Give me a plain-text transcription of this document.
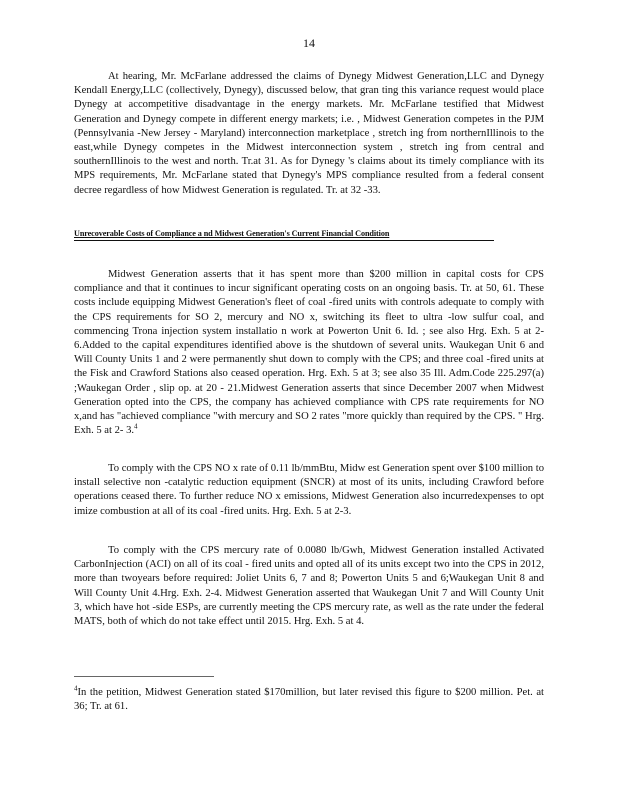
14

At hearing, Mr. McFarlane addressed the claims of Dynegy Midwest Generation,LLC and Dynegy Kendall Energy,LLC (collectively, Dynegy), discussed below, that gran ting this variance request would place Dynegy at accompetitive disadvantage in the energy markets. Mr. McFarlane testified that Midwest Generation and Dynegy compete in different energy markets; i.e. , Midwest Generation competes in the PJM (Pennsylvania -New Jersey - Maryland) interconnection marketplace , stretch ing from northernIllinois to the east,while Dynegy competes in the Midwest interconnection system , stretch ing from central and southernIllinois to the west and north. Tr.at 31. As for Dynegy 's claims about its timely compliance with its MPS requirements, Mr. McFarlane stated that Dynegy's MPS compliance resulted from a federal consent decree regardless of how Midwest Generation is regulated. Tr. at 32 -33.

Unrecoverable Costs of Compliance a nd Midwest Generation's Current Financial Condition

Midwest Generation asserts that it has spent more than $200 million in capital costs for CPS compliance and that it continues to incur significant operating costs on an ongoing basis. Tr. at 50, 61. These costs include equipping Midwest Generation's fleet of coal -fired units with controls adequate to comply with the CPS requirements for SO 2, mercury and NO x, switching its fleet to ultra -low sulfur coal, and commencing Trona injection system installatio n work at Powerton Unit 6. Id. ; see also Hrg. Exh. 5 at 2-6.Added to the capital expenditures identified above is the shutdown of several units. Waukegan Unit 6 and Will County Units 1 and 2 were permanently shut down to comply with the CPS; and three coal -fired units at the Fisk and Crawford Stations also ceased operation. Hrg. Exh. 5 at 3; see also 35 Ill. Adm.Code 225.297(a) ;Waukegan Order , slip op. at 20 - 21.Midwest Generation asserts that since December 2007 when Midwest Generation opted into the CPS, the company has achieved compliance with CPS rate requirements for NO x,and has "achieved compliance "with mercury and SO 2 rates "more quickly than required by the CPS. " Hrg. Exh. 5 at 2- 3.$^4$

To comply with the CPS NO x rate of 0.11 lb/mmBtu, Midw est Generation spent over $100 million to install selective non -catalytic reduction equipment (SNCR) at most of its units, including Crawford before operations ceased there. To further reduce NO x emissions, Midwest Generation also incurredexpenses to opt imize combustion at all of its coal -fired units. Hrg. Exh. 5 at 2-3.

To comply with the CPS mercury rate of 0.0080 lb/Gwh, Midwest Generation installed Activated CarbonInjection (ACI) on all of its coal - fired units and opted all of its units except two into the CPS in 2012, more than twoyears before required: Joliet Units 6, 7 and 8; Powerton Units 5 and 6;Waukegan Unit 8 and Will County Unit 4.Hrg. Exh. 2-4. Midwest Generation asserted that Waukegan Unit 7 and Will County Unit 3, which have hot -side ESPs, are currently meeting the CPS mercury rate, as well as the rate under the federal MATS, both of which do not take effect until 2015. Hrg. Exh. 5 at 4.

$^4$In the petition, Midwest Generation stated $170million, but later revised this figure to $200 million. Pet. at 36; Tr. at 61.
